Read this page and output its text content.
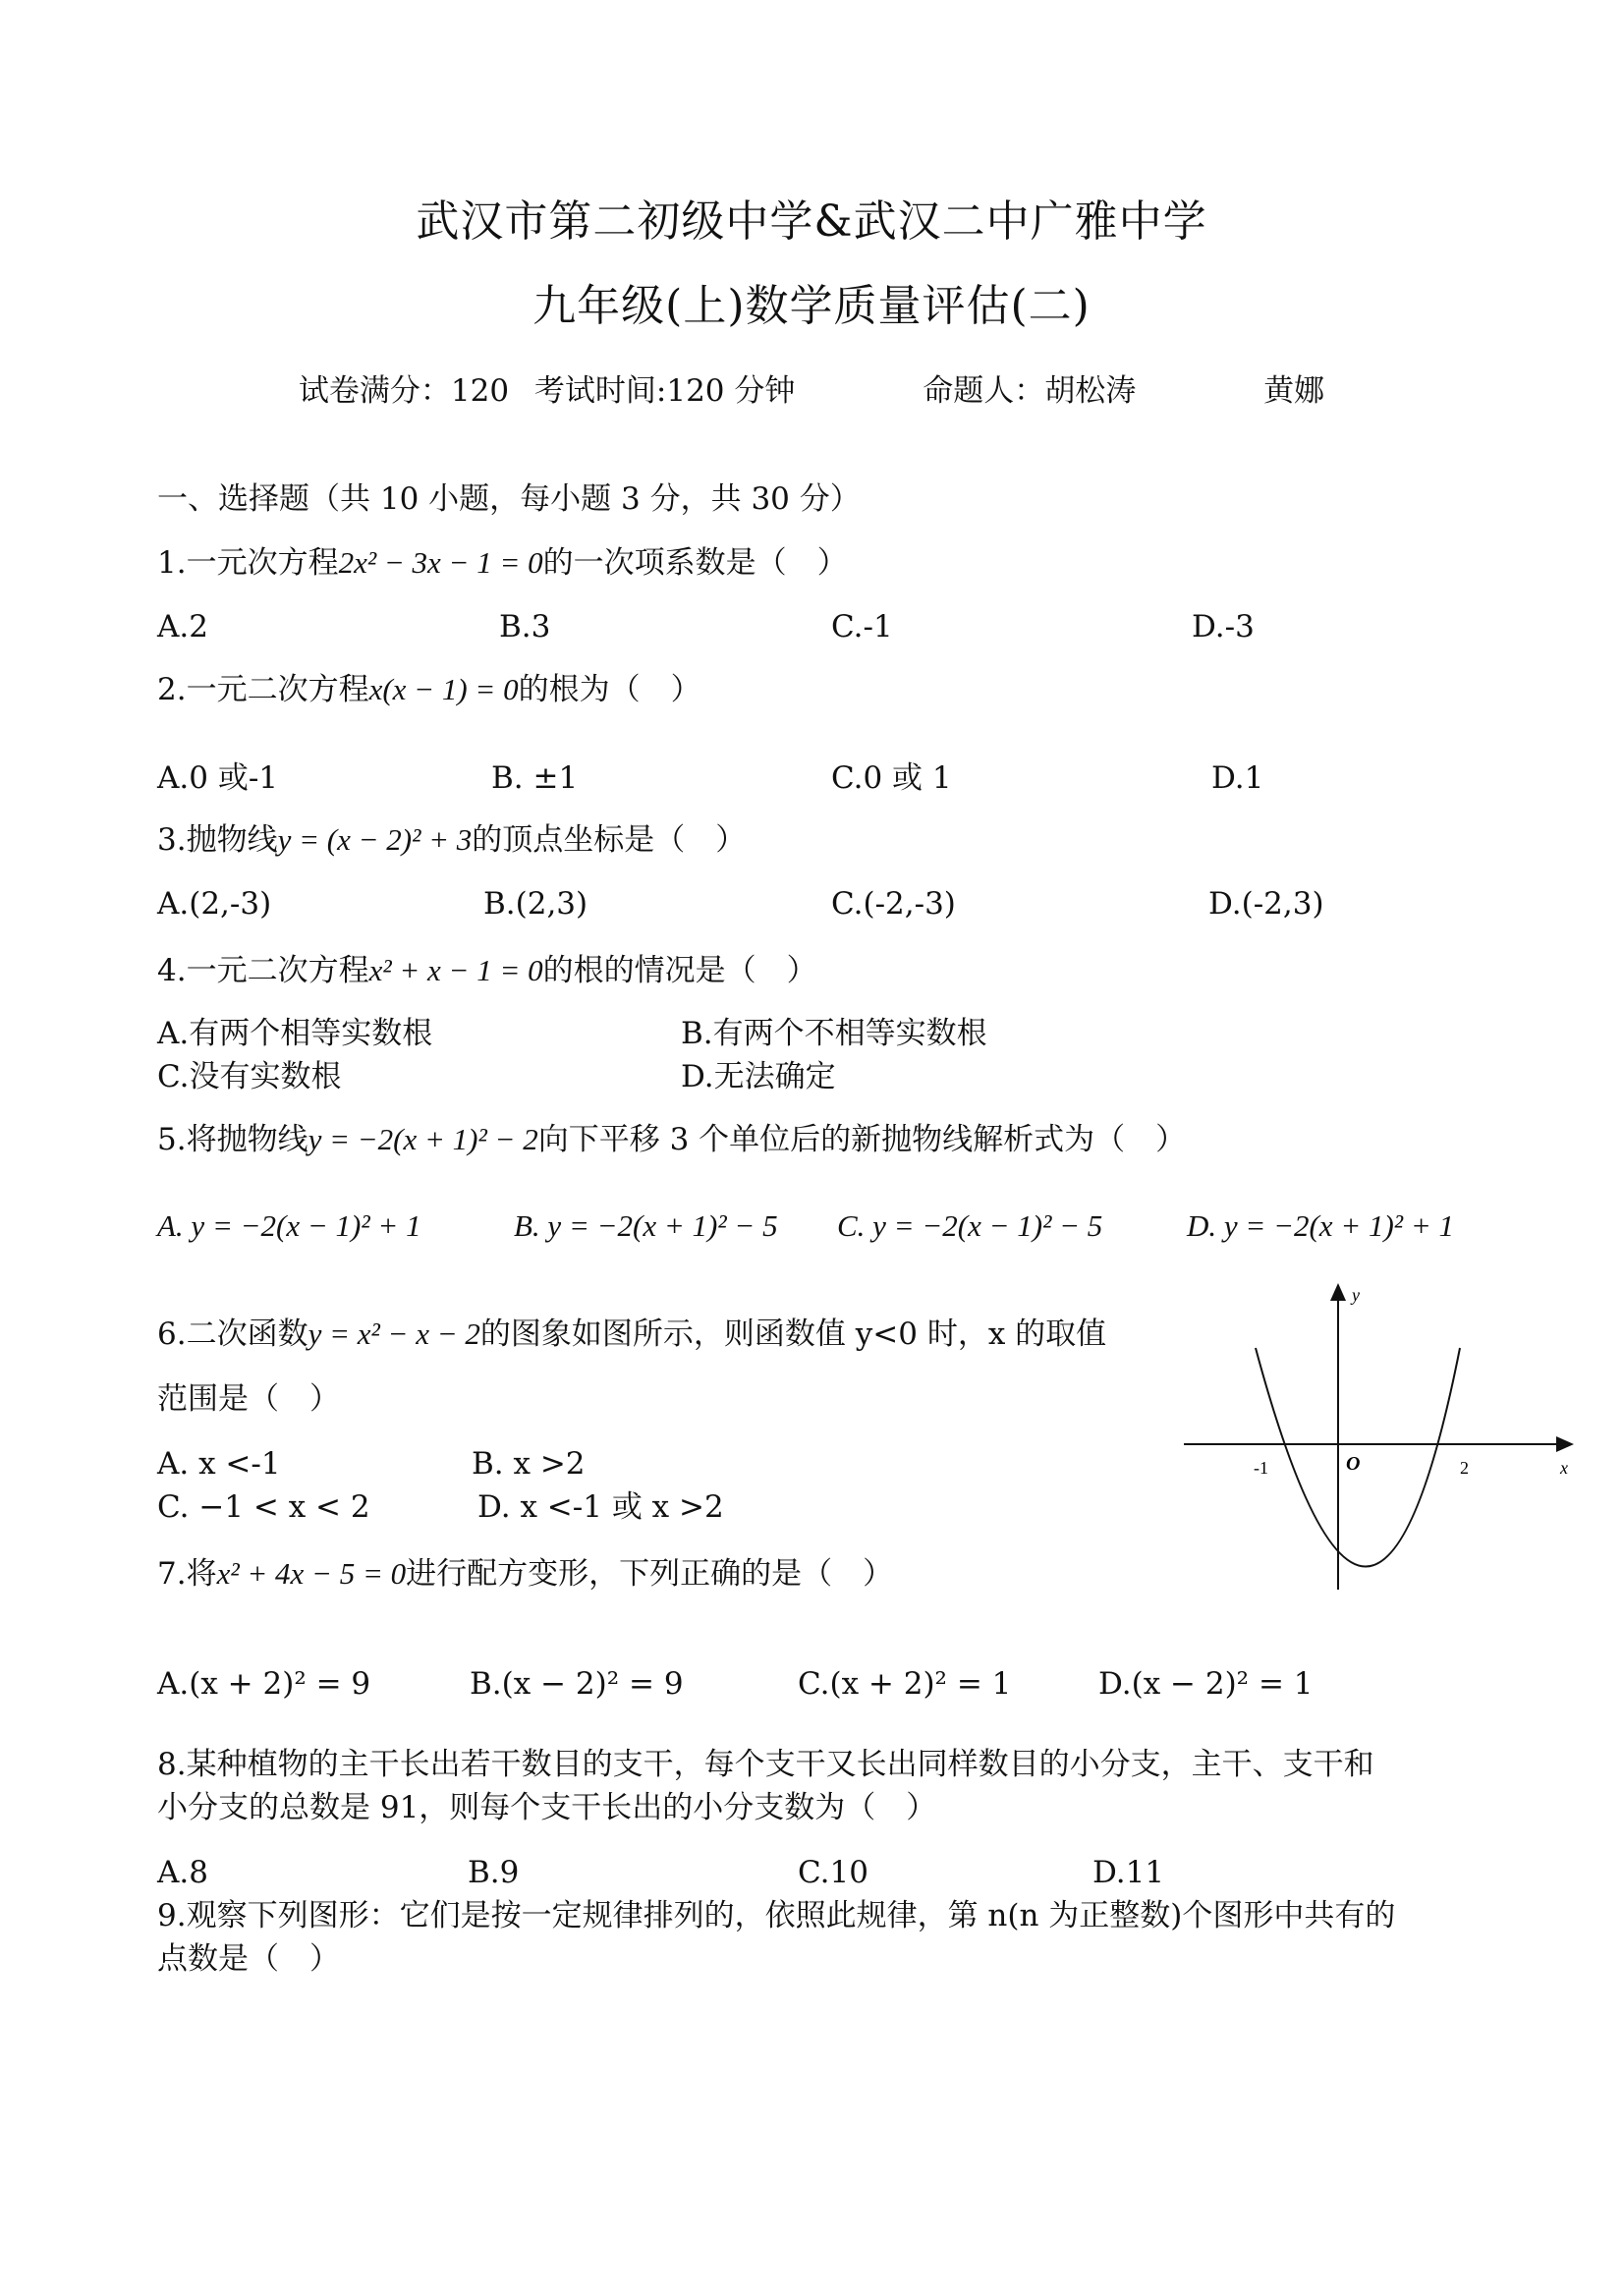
武汉市第二初级中学&武汉二中广雅中学
九年级(上)数学质量评估(二)
试卷满分：120 考试时间:120 分钟	命题人：胡松涛	黄娜
一、选择题（共 10 小题，每小题 3 分，共 30 分）
1.一元次方程2x² − 3x − 1 = 0的一次项系数是（　）
A.2	B.3	C.-1	D.-3
2.一元二次方程x(x − 1) = 0的根为（　）
A.0 或-1	B. ±1	C.0 或 1	D.1
3.抛物线y = (x − 2)² + 3的顶点坐标是（　）
A.(2,-3)	B.(2,3)	C.(-2,-3)	D.(-2,3)
4.一元二次方程x² + x − 1 = 0的根的情况是（　）
A.有两个相等实数根	B.有两个不相等实数根
C.没有实数根	D.无法确定
5.将抛物线y = −2(x + 1)² − 2向下平移 3 个单位后的新抛物线解析式为（　）
A. y = −2(x − 1)² + 1	B. y = −2(x + 1)² − 5 C. y = −2(x − 1)² − 5	D. y = −2(x + 1)² + 1
6.二次函数y = x² − x − 2的图象如图所示，则函数值 y<0 时，x 的取值
范围是（　）
A. x <-1	B. x >2
C. −1 < x < 2	D. x <-1 或 x >2
y
x
O
-1	2
7.将x² + 4x − 5 = 0进行配方变形，下列正确的是（　）
A.(x + 2)² = 9	B.(x − 2)² = 9	C.(x + 2)² = 1	D.(x − 2)² = 1
8.某种植物的主干长出若干数目的支干，每个支干又长出同样数目的小分支，主干、支干和
小分支的总数是 91，则每个支干长出的小分支数为（　）
A.8	B.9	C.10	D.11
9.观察下列图形：它们是按一定规律排列的，依照此规律，第 n(n 为正整数)个图形中共有的
点数是（　）
